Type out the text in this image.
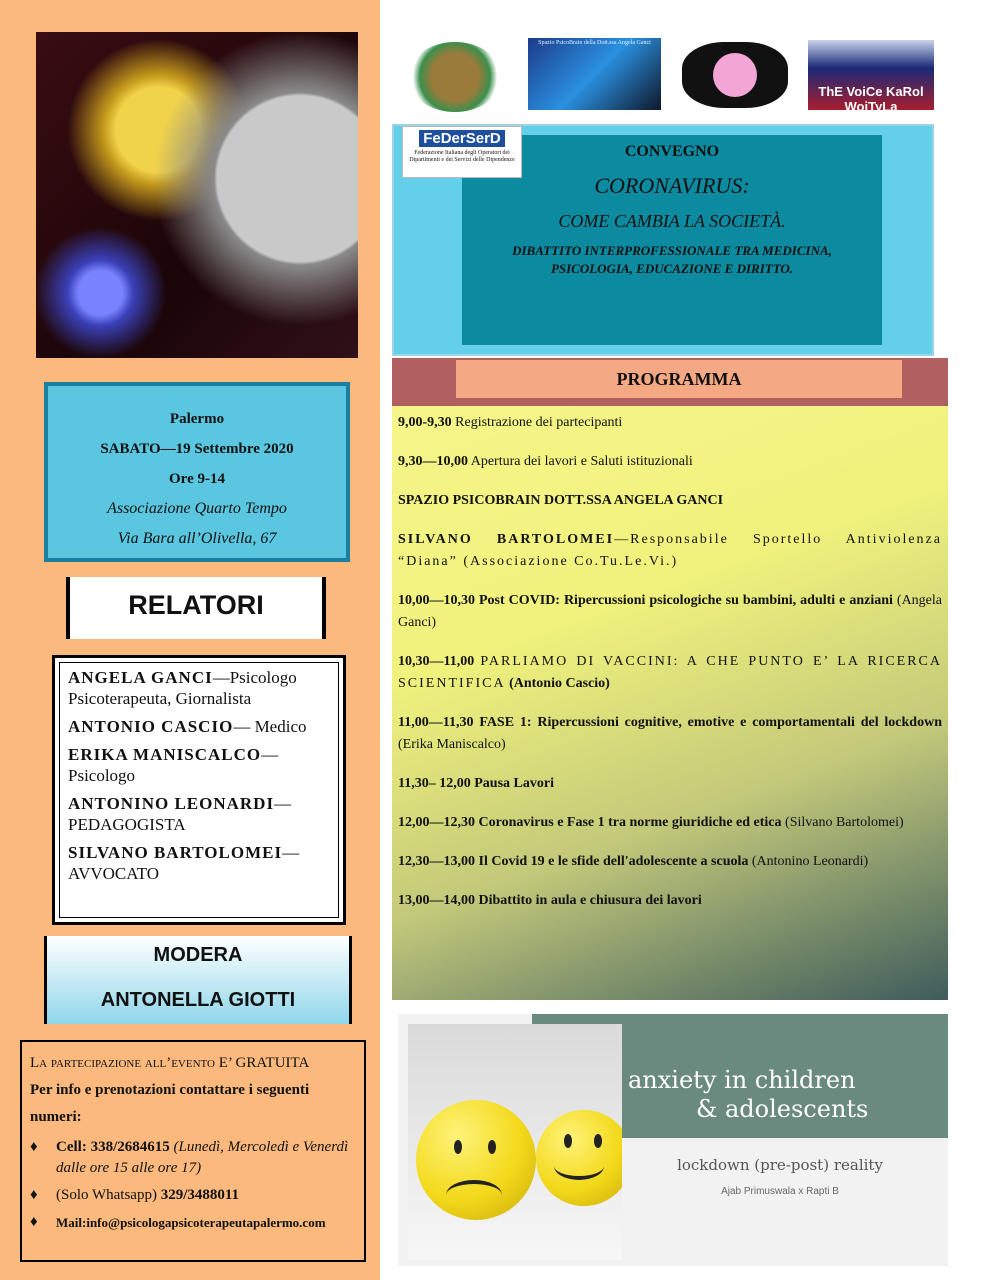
Palermo
SABATO—19 Settembre 2020
Ore 9-14
Associazione Quarto Tempo
Via Bara all’Olivella, 67
RELATORI
ANGELA GANCI—Psicologo Psicoterapeuta, Giornalista
ANTONIO CASCIO— Medico
ERIKA MANISCALCO— Psicologo
ANTONINO LEONARDI— PEDAGOGISTA
SILVANO BARTOLOMEI— AVVOCATO
MODERA
ANTONELLA GIOTTI
La partecipazione all’evento E’ GRATUITA
Per info e prenotazioni contattare i seguenti numeri:
♦	Cell: 338/2684615 (Lunedì, Mercoledì e Venerdì dalle ore 15 alle ore 17)
♦	(Solo Whatsapp) 329/3488011
♦	Mail:info@psicologapsicoterapeutapalermo.com
Spazio PsicoBrain della Dott.ssa Angela Ganci
ThE VoiCe KaRol WojTyLa
CONVEGNO
CORONAVIRUS:
COME CAMBIA LA SOCIETÀ.
DIBATTITO INTERPROFESSIONALE TRA MEDICINA, PSICOLOGIA, EDUCAZIONE E DIRITTO.
FeDerSerD
Federazione Italiana degli Operatori dei Dipartimenti e dei Servizi delle Dipendenze
PROGRAMMA
9,00-9,30 Registrazione dei partecipanti
9,30—10,00 Apertura dei lavori e Saluti istituzionali
SPAZIO PSICOBRAIN DOTT.SSA ANGELA GANCI
SILVANO BARTOLOMEI—Responsabile Sportello Antiviolenza “Diana” (Associazione Co.Tu.Le.Vi.)
10,00—10,30 Post COVID: Ripercussioni psicologiche su bambini, adulti e anziani (Angela Ganci)
10,30—11,00 PARLIAMO DI VACCINI: A CHE PUNTO E’ LA RICERCA SCIENTIFICA (Antonio Cascio)
11,00—11,30 FASE 1: Ripercussioni cognitive, emotive e comportamentali del lockdown (Erika Maniscalco)
11,30– 12,00 Pausa Lavori
12,00—12,30 Coronavirus e Fase 1 tra norme giuridiche ed etica (Silvano Bartolomei)
12,30—13,00 Il Covid 19 e le sfide dell'adolescente a scuola (Antonino Leonardi)
13,00—14,00 Dibattito in aula e chiusura dei lavori
anxiety in children
& adolescents
lockdown (pre-post) reality
Ajab Primuswala x Rapti B
